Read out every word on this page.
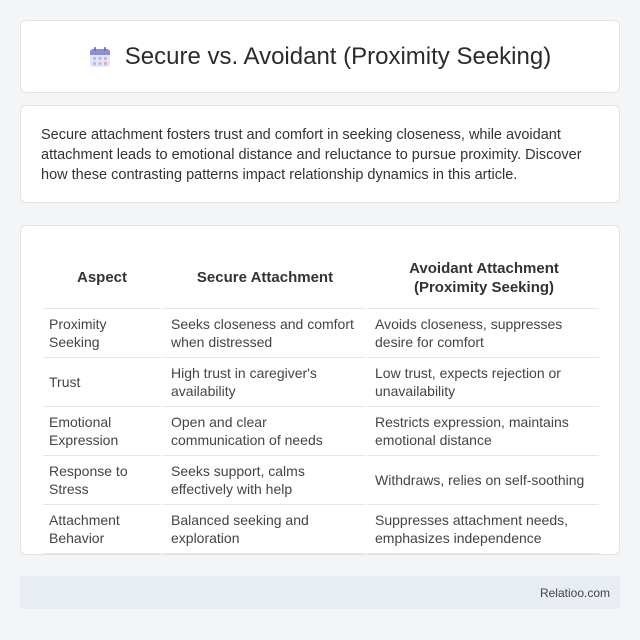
Secure vs. Avoidant (Proximity Seeking)

Secure attachment fosters trust and comfort in seeking closeness, while avoidant attachment leads to emotional distance and reluctance to pursue proximity. Discover how these contrasting patterns impact relationship dynamics in this article.

Aspect	Secure Attachment	Avoidant Attachment (Proximity Seeking)
Proximity Seeking	Seeks closeness and comfort when distressed	Avoids closeness, suppresses desire for comfort
Trust	High trust in caregiver's availability	Low trust, expects rejection or unavailability
Emotional Expression	Open and clear communication of needs	Restricts expression, maintains emotional distance
Response to Stress	Seeks support, calms effectively with help	Withdraws, relies on self-soothing
Attachment Behavior	Balanced seeking and exploration	Suppresses attachment needs, emphasizes independence
Relatioo.com
